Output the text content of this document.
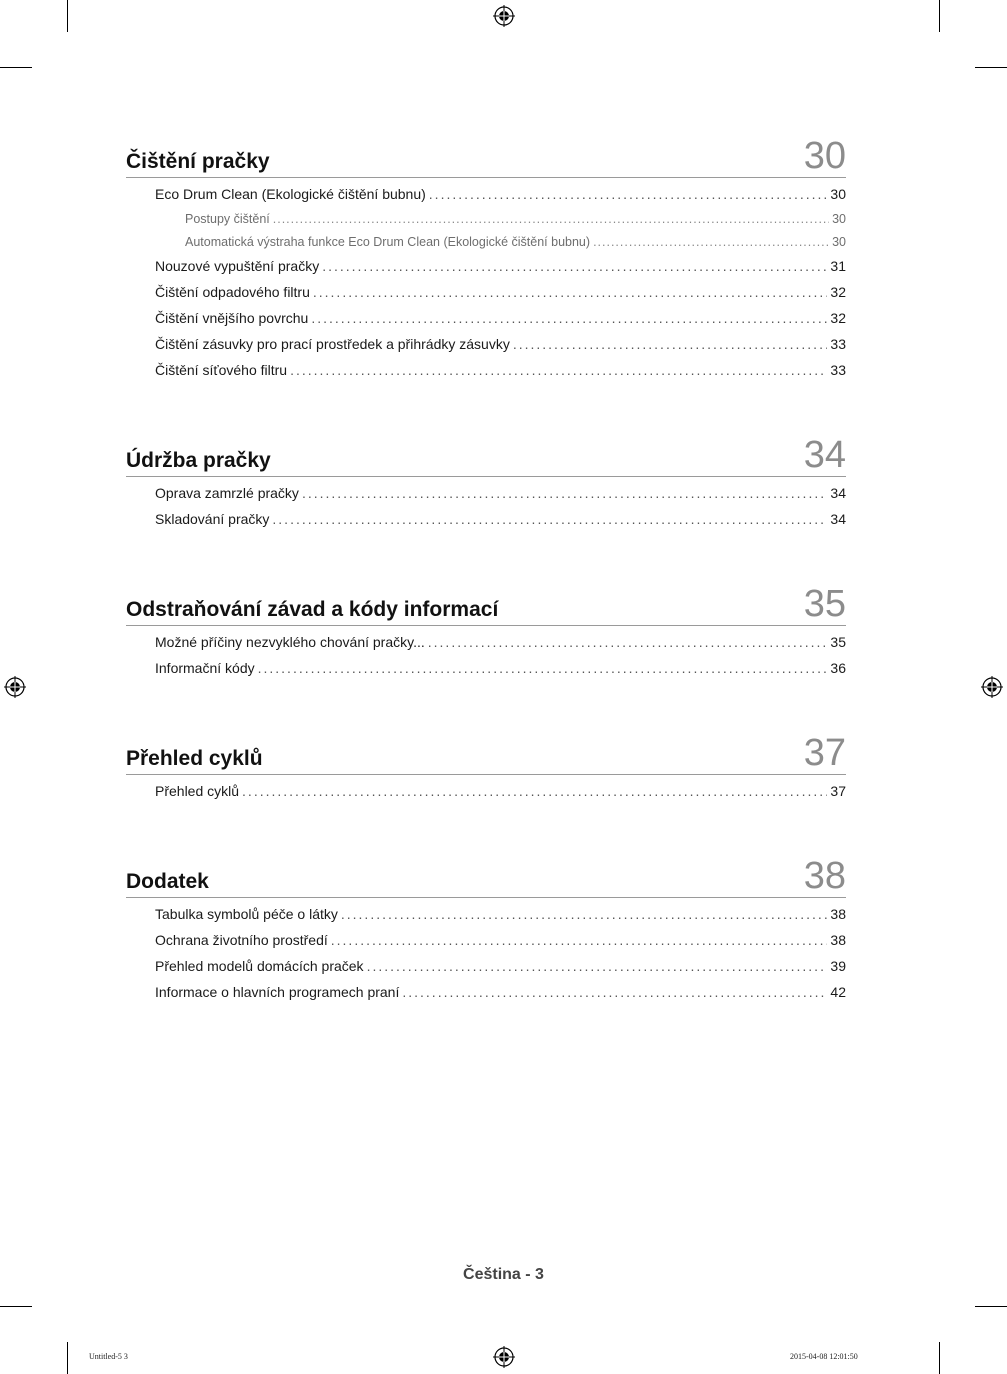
Čištění pračky	30
Eco Drum Clean (Ekologické čištění bubnu) .....	30
Postupy čištění .....	30
Automatická výstraha funkce Eco Drum Clean (Ekologické čištění bubnu) .....	30
Nouzové vypuštění pračky .....	31
Čištění odpadového filtru .....	32
Čištění vnějšího povrchu .....	32
Čištění zásuvky pro prací prostředek a přihrádky zásuvky .....	33
Čištění síťového filtru .....	33
Údržba pračky	34
Oprava zamrzlé pračky .....	34
Skladování pračky .....	34
Odstraňování závad a kódy informací	35
Možné příčiny nezvyklého chování pračky... .....	35
Informační kódy .....	36
Přehled cyklů	37
Přehled cyklů .....	37
Dodatek	38
Tabulka symbolů péče o látky .....	38
Ochrana životního prostředí .....	38
Přehled modelů domácích praček .....	39
Informace o hlavních programech praní .....	42
Čeština - 3
Untitled-5 3	2015-04-08 12:01:50
